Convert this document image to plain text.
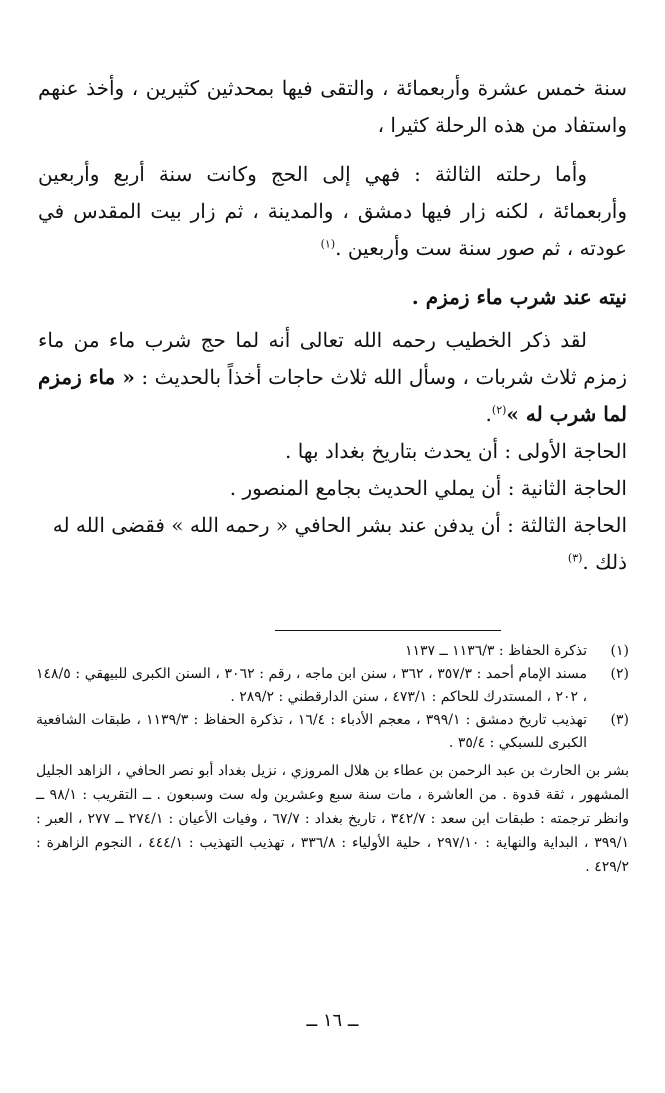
سنة خمس عشرة وأربعمائة ، والتقى فيها بمحدثين كثيرين ، وأخذ عنهم واستفاد من هذه الرحلة كثيرا ،

وأما رحلته الثالثة : فهي إلى الحج وكانت سنة أربع وأربعين وأربعمائة ، لكنه زار فيها دمشق ، والمدينة ، ثم زار بيت المقدس في عودته ، ثم صور سنة ست وأربعين .$^{(١)}$

نيته عند شرب ماء زمزم .

لقد ذكر الخطيب رحمه الله تعالى أنه لما حج شرب ماء من ماء زمزم ثلاث شربات ، وسأل الله ثلاث حاجات أخذاً بالحديث : « ماء زمزم لما شرب له »$^{(٢)}$.

الحاجة الأولى : أن يحدث بتاريخ بغداد بها .

الحاجة الثانية : أن يملي الحديث بجامع المنصور .

الحاجة الثالثة : أن يدفن عند بشر الحافي « رحمه الله » فقضى الله له ذلك .$^{(٣)}$

(١)
تذكرة الحفاظ : ١١٣٦/٣ ــ ١١٣٧
(٢)
مسند الإمام أحمد : ٣٥٧/٣ ، ٣٦٢ ، سنن ابن ماجه ، رقم : ٣٠٦٢ ، السنن الكبرى للبيهقي : ١٤٨/٥ ، ٢٠٢ ، المستدرك للحاكم : ٤٧٣/١ ، سنن الدارقطني : ٢٨٩/٢ .
(٣)
تهذيب تاريخ دمشق : ٣٩٩/١ ، معجم الأدباء : ١٦/٤ ، تذكرة الحفاظ : ١١٣٩/٣ ، طبقات الشافعية الكبرى للسبكي : ٣٥/٤ .
بشر بن الحارث بن عبد الرحمن بن عطاء بن هلال المروزي ، نزيل بغداد أبو نصر الحافي ، الزاهد الجليل المشهور ، ثقة قدوة . من العاشرة ، مات سنة سبع وعشرين وله ست وسبعون . ــ التقريب : ٩٨/١ ــ وانظر ترجمته : طبقات ابن سعد : ٣٤٢/٧ ، تاريخ بغداد : ٦٧/٧ ، وفيات الأعيان : ٢٧٤/١ ــ ٢٧٧ ، العبر : ٣٩٩/١ ، البداية والنهاية : ٢٩٧/١٠ ، حلية الأولياء : ٣٣٦/٨ ، تهذيب التهذيب : ٤٤٤/١ ، النجوم الزاهرة : ٤٢٩/٢ .
ــ ١٦ ــ
